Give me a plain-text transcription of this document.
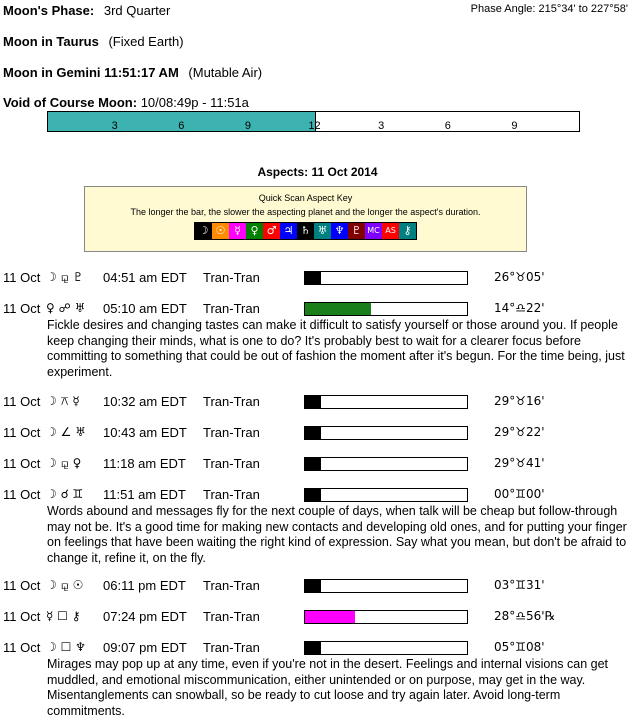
Moon's Phase: 3rd Quarter	Phase Angle: 215°34' to 227°58'
Moon in Taurus (Fixed Earth)
Moon in Gemini 11:51:17 AM (Mutable Air)
Void of Course Moon: 10/08:49p - 11:51a
3	6	9	12	3	6	9
Aspects: 11 Oct 2014
Quick Scan Aspect Key
The longer the bar, the slower the aspecting planet and the longer the aspect's duration.
☽ ☉ ☿ ♀ ♂ ♃ ♄ ♅ ♆ ♇ MC AS ⚷
11 Oct ☽ ⚼ ♇ 04:51 am EDT Tran-Tran	26°♉05'
11 Oct ♀ ☍ ♅ 05:10 am EDT Tran-Tran	14°♎22'
Fickle desires and changing tastes can make it difficult to satisfy yourself or those around you. If people keep changing their minds, what is one to do? It's probably best to wait for a clearer focus before committing to something that could be out of fashion the moment after it's begun. For the time being, just experiment.
11 Oct ☽ ⚻ ☿ 10:32 am EDT Tran-Tran	29°♉16'
11 Oct ☽ ∠ ♅ 10:43 am EDT Tran-Tran	29°♉22'
11 Oct ☽ ⚼ ♀ 11:18 am EDT Tran-Tran	29°♉41'
11 Oct ☽ ☌ ♊ 11:51 am EDT Tran-Tran	00°♊00'
Words abound and messages fly for the next couple of days, when talk will be cheap but follow-through may not be. It's a good time for making new contacts and developing old ones, and for putting your finger on feelings that have been waiting the right kind of expression. Say what you mean, but don't be afraid to change it, refine it, on the fly.
11 Oct ☽ ⚼ ☉ 06:11 pm EDT Tran-Tran	03°♊31'
11 Oct ☿ ☐ ⚷ 07:24 pm EDT Tran-Tran	28°♎56'℞
11 Oct ☽ ☐ ♆ 09:07 pm EDT Tran-Tran	05°♊08'
Mirages may pop up at any time, even if you're not in the desert. Feelings and internal visions can get muddled, and emotional miscommunication, either unintended or on purpose, may get in the way. Misentanglements can snowball, so be ready to cut loose and try again later. Avoid long-term commitments.
